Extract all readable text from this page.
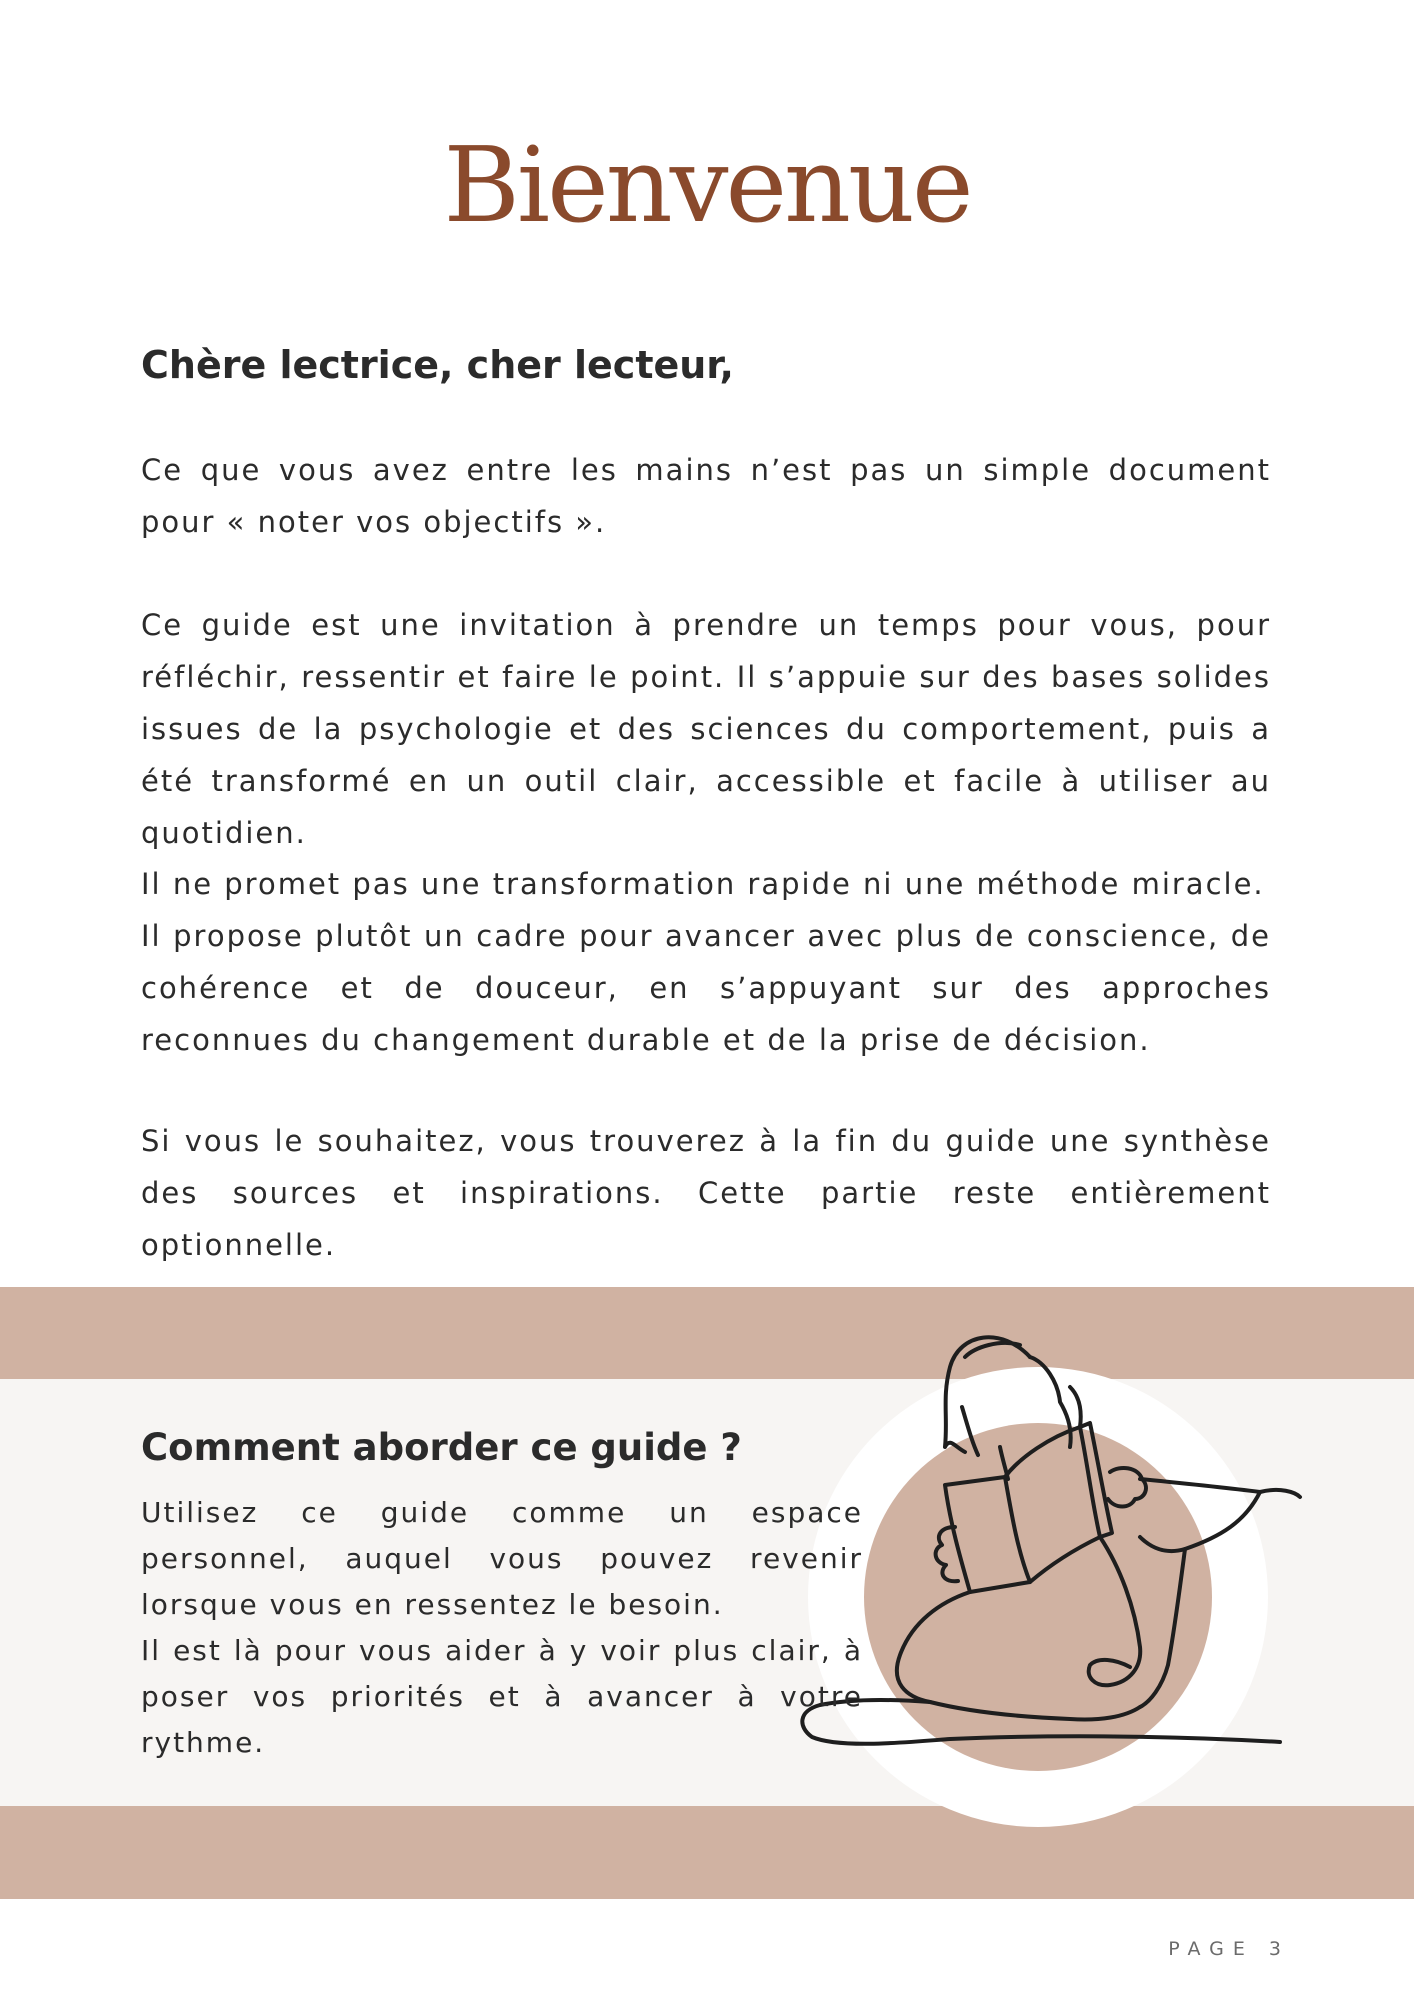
Bienvenue
Chère lectrice, cher lecteur,

Ce que vous avez entre les mains n’est pas un simple document pour « noter vos objectifs ».

Ce guide est une invitation à prendre un temps pour vous, pour réfléchir, ressentir et faire le point. Il s’appuie sur des bases solides issues de la psychologie et des sciences du comportement, puis a été transformé en un outil clair, accessible et facile à utiliser au quotidien.

Il ne promet pas une transformation rapide ni une méthode miracle.
Il propose plutôt un cadre pour avancer avec plus de conscience, de cohérence et de douceur, en s’appuyant sur des approches reconnues du changement durable et de la prise de décision.

Si vous le souhaitez, vous trouverez à la fin du guide une synthèse des sources et inspirations. Cette partie reste entièrement optionnelle.

Comment aborder ce guide ?

Utilisez ce guide comme un espace personnel, auquel vous pouvez revenir lorsque vous en ressentez le besoin.
Il est là pour vous aider à y voir plus clair, à poser vos priorités et à avancer à votre rythme.

PAGE 3
